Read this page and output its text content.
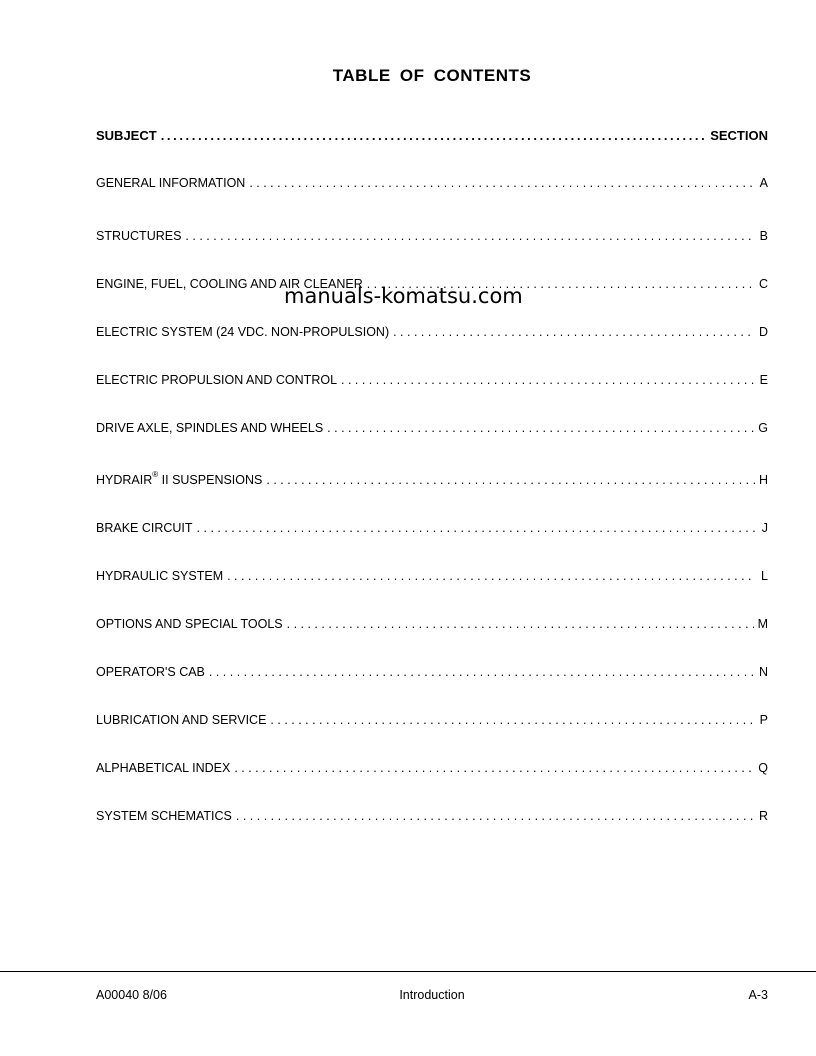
TABLE OF CONTENTS
SUBJECT .....	SECTION
GENERAL INFORMATION . . .	A
STRUCTURES . . .	B
ENGINE, FUEL, COOLING AND AIR CLEANER . . .	C
ELECTRIC SYSTEM (24 VDC. NON-PROPULSION) . . .	D
ELECTRIC PROPULSION AND CONTROL . . .	E
DRIVE AXLE, SPINDLES AND WHEELS . . .	G
HYDRAIR® II SUSPENSIONS . . .	H
BRAKE CIRCUIT . . .	J
HYDRAULIC SYSTEM . . .	L
OPTIONS AND SPECIAL TOOLS . . .	M
OPERATOR'S CAB . . .	N
LUBRICATION AND SERVICE . . .	P
ALPHABETICAL INDEX . . .	Q
SYSTEM SCHEMATICS . . .	R
manuals-komatsu.com
A00040 8/06	Introduction	A-3
